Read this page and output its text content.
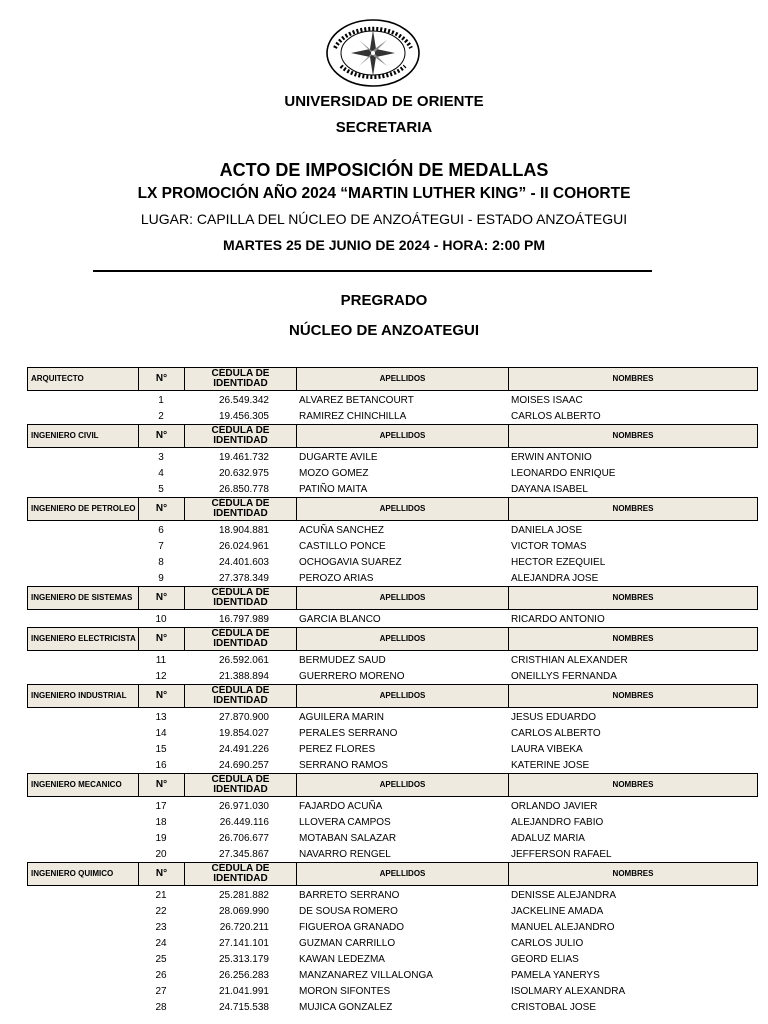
UNIVERSIDAD DE ORIENTE
SECRETARIA
ACTO DE IMPOSICIÓN DE MEDALLAS
LX PROMOCIÓN AÑO 2024 “MARTIN LUTHER KING” - II COHORTE
LUGAR: CAPILLA DEL NÚCLEO DE ANZOÁTEGUI - ESTADO ANZOÁTEGUI
MARTES 25 DE JUNIO DE 2024 - HORA: 2:00 PM
PREGRADO
NÚCLEO DE ANZOATEGUI
ARQUITECTO	N°	CÉDULA DE IDENTIDAD	APELLIDOS	NOMBRES
1	26.549.342	ALVAREZ BETANCOURT	MOISES ISAAC
2	19.456.305	RAMIREZ CHINCHILLA	CARLOS ALBERTO
INGENIERO CIVIL	N°	CÉDULA DE IDENTIDAD	APELLIDOS	NOMBRES
3	19.461.732	DUGARTE AVILE	ERWIN ANTONIO
4	20.632.975	MOZO GOMEZ	LEONARDO ENRIQUE
5	26.850.778	PATIÑO MAITA	DAYANA ISABEL
INGENIERO DE PETROLEO	N°	CÉDULA DE IDENTIDAD	APELLIDOS	NOMBRES
6	18.904.881	ACUÑA SANCHEZ	DANIELA JOSE
7	26.024.961	CASTILLO PONCE	VICTOR TOMAS
8	24.401.603	OCHOGAVIA SUAREZ	HECTOR EZEQUIEL
9	27.378.349	PEROZO ARIAS	ALEJANDRA JOSE
INGENIERO DE SISTEMAS	N°	CÉDULA DE IDENTIDAD	APELLIDOS	NOMBRES
10	16.797.989	GARCIA BLANCO	RICARDO ANTONIO
INGENIERO ELECTRICISTA	N°	CÉDULA DE IDENTIDAD	APELLIDOS	NOMBRES
11	26.592.061	BERMUDEZ SAUD	CRISTHIAN ALEXANDER
12	21.388.894	GUERRERO MORENO	ONEILLYS FERNANDA
INGENIERO INDUSTRIAL	N°	CÉDULA DE IDENTIDAD	APELLIDOS	NOMBRES
13	27.870.900	AGUILERA MARIN	JESUS EDUARDO
14	19.854.027	PERALES SERRANO	CARLOS ALBERTO
15	24.491.226	PEREZ FLORES	LAURA VIBEKA
16	24.690.257	SERRANO RAMOS	KATERINE JOSE
INGENIERO MECANICO	N°	CÉDULA DE IDENTIDAD	APELLIDOS	NOMBRES
17	26.971.030	FAJARDO ACUÑA	ORLANDO JAVIER
18	26.449.116	LLOVERA CAMPOS	ALEJANDRO FABIO
19	26.706.677	MOTABAN SALAZAR	ADALUZ MARIA
20	27.345.867	NAVARRO RENGEL	JEFFERSON RAFAEL
INGENIERO QUIMICO	N°	CÉDULA DE IDENTIDAD	APELLIDOS	NOMBRES
21	25.281.882	BARRETO SERRANO	DENISSE ALEJANDRA
22	28.069.990	DE SOUSA ROMERO	JACKELINE AMADA
23	26.720.211	FIGUEROA GRANADO	MANUEL ALEJANDRO
24	27.141.101	GUZMAN CARRILLO	CARLOS JULIO
25	25.313.179	KAWAN LEDEZMA	GEORD ELIAS
26	26.256.283	MANZANAREZ VILLALONGA	PAMELA YANERYS
27	21.041.991	MORON SIFONTES	ISOLMARY ALEXANDRA
28	24.715.538	MUJICA GONZALEZ	CRISTOBAL JOSE
